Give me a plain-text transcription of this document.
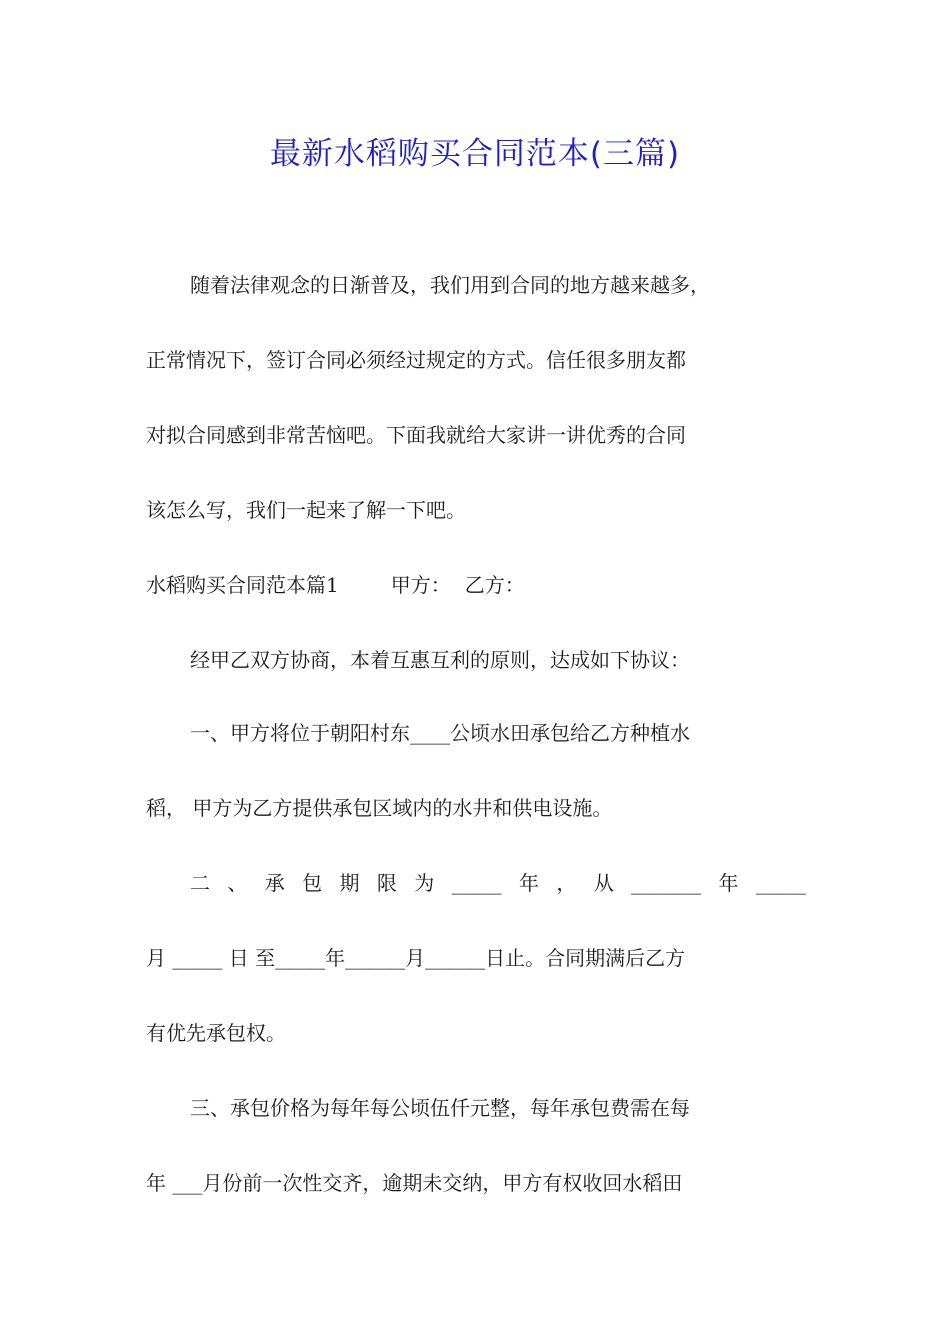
最新水稻购买合同范本(三篇)
随着法律观念的日渐普及，我们用到合同的地方越来越多，
正常情况下，签订合同必须经过规定的方式。信任很多朋友都
对拟合同感到非常苦恼吧。下面我就给大家讲一讲优秀的合同
该怎么写，我们一起来了解一下吧。
水稻购买合同范本篇1	甲方： 乙方：
经甲乙双方协商，本着互惠互利的原则，达成如下协议：
一、甲方将位于朝阳村东____公顷水田承包给乙方种植水
稻， 甲方为乙方提供承包区域内的水井和供电设施。
二 、 承 包 期 限 为 _____ 年 ， 从 _______ 年 _____
月 _____ 日 至_____年______月______日止。合同期满后乙方
有优先承包权。
三、承包价格为每年每公顷伍仟元整，每年承包费需在每
年 ___月份前一次性交齐，逾期未交纳，甲方有权收回水稻田
